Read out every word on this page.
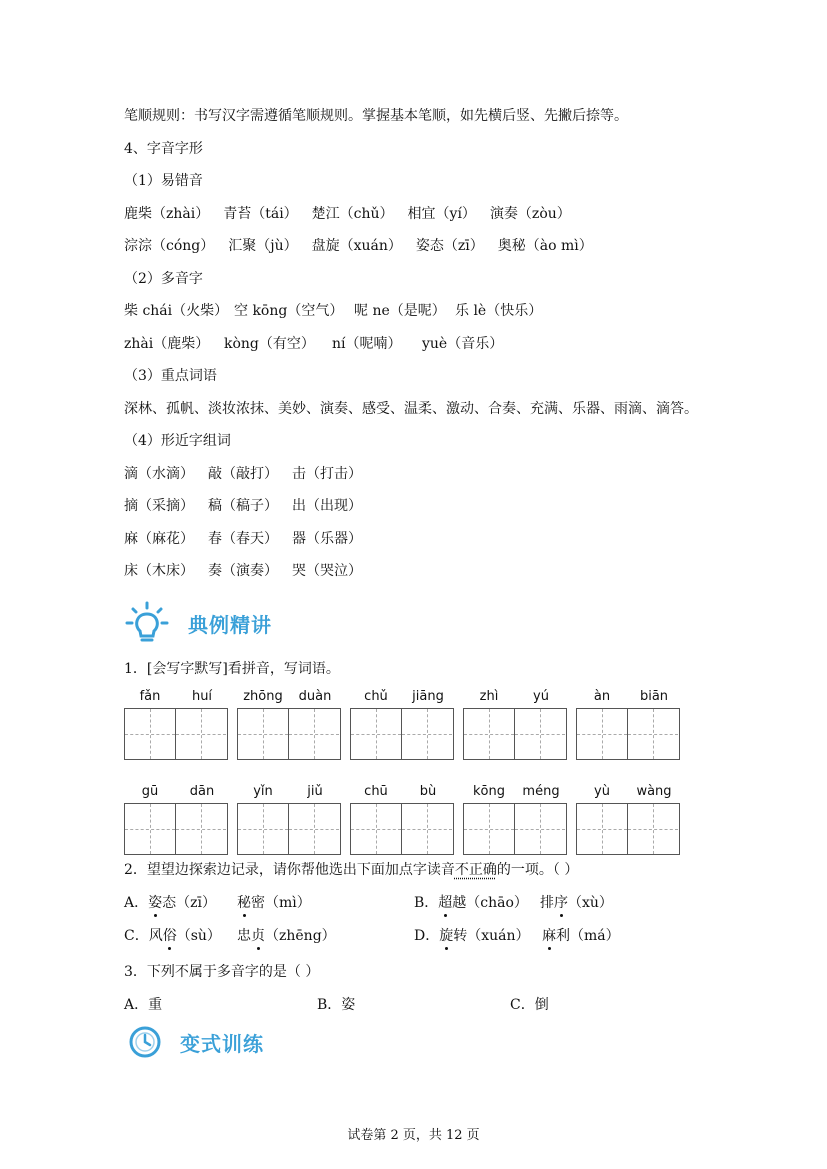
笔顺规则：书写汉字需遵循笔顺规则。掌握基本笔顺，如先横后竖、先撇后捺等。
4、字音字形
（1）易错音
鹿柴（zhài） 青苔（tái） 楚江（chǔ） 相宜（yí） 演奏（zòu）
淙淙（cóng） 汇聚（jù） 盘旋（xuán） 姿态（zī） 奥秘（ào mì）
（2）多音字
柴 chái（火柴） 空 kōng（空气） 呢 ne（是呢） 乐 lè（快乐）
zhài（鹿柴） kòng（有空） ní（呢喃） yuè（音乐）
（3）重点词语
深林、孤帆、淡妆浓抹、美妙、演奏、感受、温柔、激动、合奏、充满、乐器、雨滴、滴答。
（4）形近字组词
滴（水滴） 敲（敲打） 击（打击）
摘（采摘） 稿（稿子） 出（出现）
麻（麻花） 春（春天） 器（乐器）
床（木床） 奏（演奏） 哭（哭泣）
典例精讲
1．[会写字默写]看拼音，写词语。
fǎn	huí	zhōng	duàn	chǔ	jiāng	zhì	yú	àn	biān
gū	dān	yǐn	jiǔ	chū	bù	kōng	méng	yù	wàng
2．望望边探索边记录，请你帮他选出下面加点字读音不正确的一项。（ ）
A．姿态（zī） 秘密（mì）	B．超越（chāo） 排序（xù）
C．风俗（sù） 忠贞（zhēng）	D．旋转（xuán） 麻利（má）
3．下列不属于多音字的是（ ）
A．重	B．姿	C．倒
变式训练
试卷第 2 页，共 12 页
